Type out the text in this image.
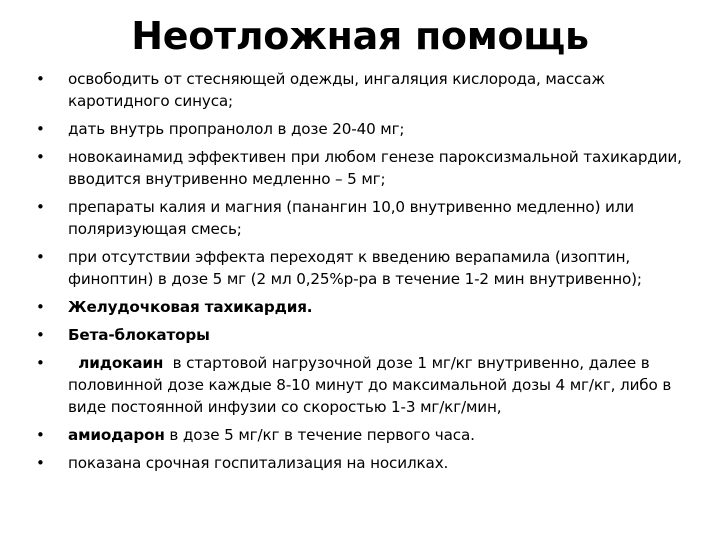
Неотложная помощь
•	освободить от стесняющей одежды, ингаляция кислорода, массаж каротидного синуса;
•	дать внутрь пропранолол в дозе 20-40 мг;
•	новокаинамид эффективен при любом генезе пароксизмальной тахикардии, вводится внутривенно медленно – 5 мг;
•	препараты калия и магния (панангин 10,0 внутривенно медленно) или поляризующая смесь;
•	при отсутствии эффекта переходят к введению верапамила (изоптин, финоптин) в дозе 5 мг (2 мл 0,25%р-ра в течение 1-2 мин внутривенно);
•	Желудочковая тахикардия.
•	Бета-блокаторы
•	лидокаин  в стартовой нагрузочной дозе 1 мг/кг внутривенно, далее в половинной дозе каждые 8-10 минут до максимальной дозы 4 мг/кг, либо в виде постоянной инфузии со скоростью 1-3 мг/кг/мин,
•	амиодарон в дозе 5 мг/кг в течение первого часа.
•	показана срочная госпитализация на носилках.
